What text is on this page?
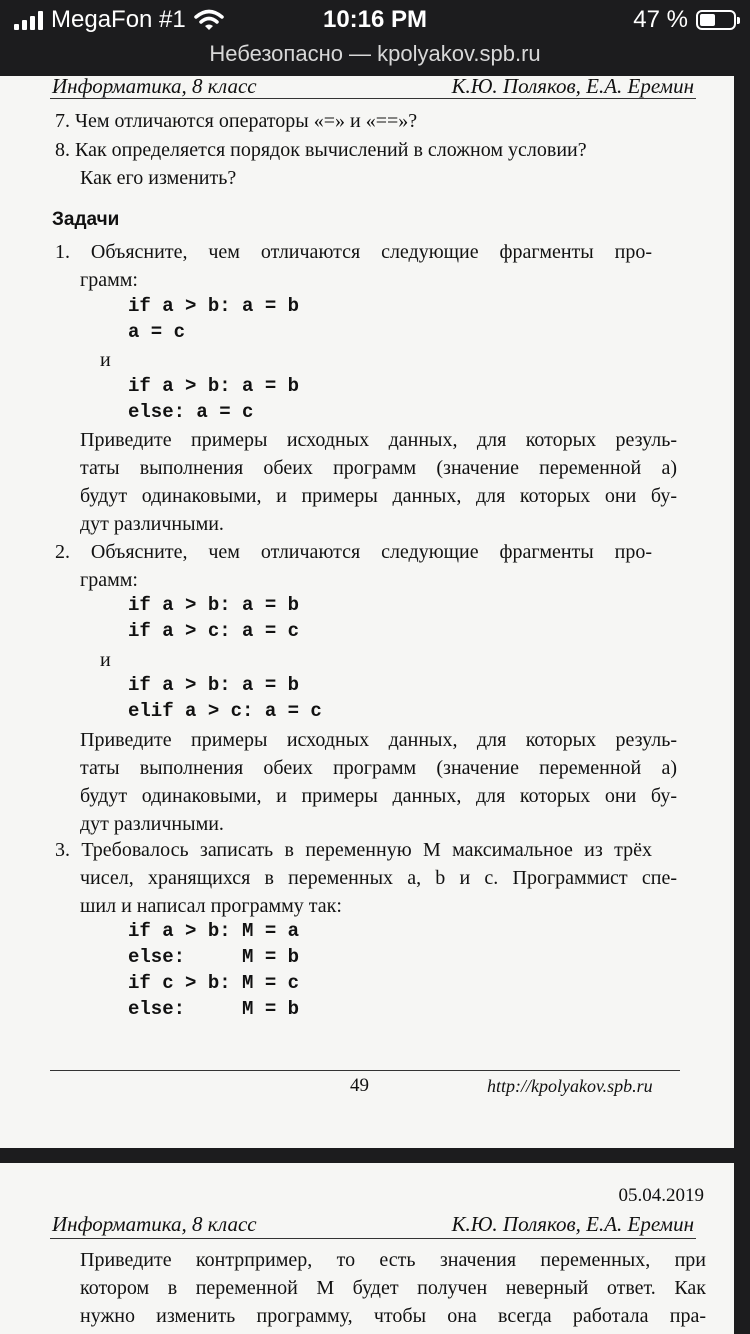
MegaFon #1	10:16 PM	47 %
Небезопасно — kpolyakov.spb.ru
Информатика, 8 класс	К.Ю. Поляков, Е.А. Еремин
7. Чем отличаются операторы «=» и «==»?
8. Как определяется порядок вычислений в сложном условии?
Как его изменить?
Задачи
1. Объясните, чем отличаются следующие фрагменты про-
грамм:
if a > b: a = b
a = c
и
if a > b: a = b
else: a = c
Приведите примеры исходных данных, для которых резуль-
таты выполнения обеих программ (значение переменной a)
будут одинаковыми, и примеры данных, для которых они бу-
дут различными.
2. Объясните, чем отличаются следующие фрагменты про-
грамм:
if a > b: a = b
if a > c: a = c
и
if a > b: a = b
elif a > c: a = c
Приведите примеры исходных данных, для которых резуль-
таты выполнения обеих программ (значение переменной a)
будут одинаковыми, и примеры данных, для которых они бу-
дут различными.
3. Требовалось записать в переменную M максимальное из трёх
чисел, хранящихся в переменных a, b и c. Программист спе-
шил и написал программу так:
if a > b: M = a
else:     M = b
if c > b: M = c
else:     M = b
49	http://kpolyakov.spb.ru
05.04.2019
Информатика, 8 класс	К.Ю. Поляков, Е.А. Еремин
Приведите контрпример, то есть значения переменных, при
котором в переменной M будет получен неверный ответ. Как
нужно изменить программу, чтобы она всегда работала пра-
